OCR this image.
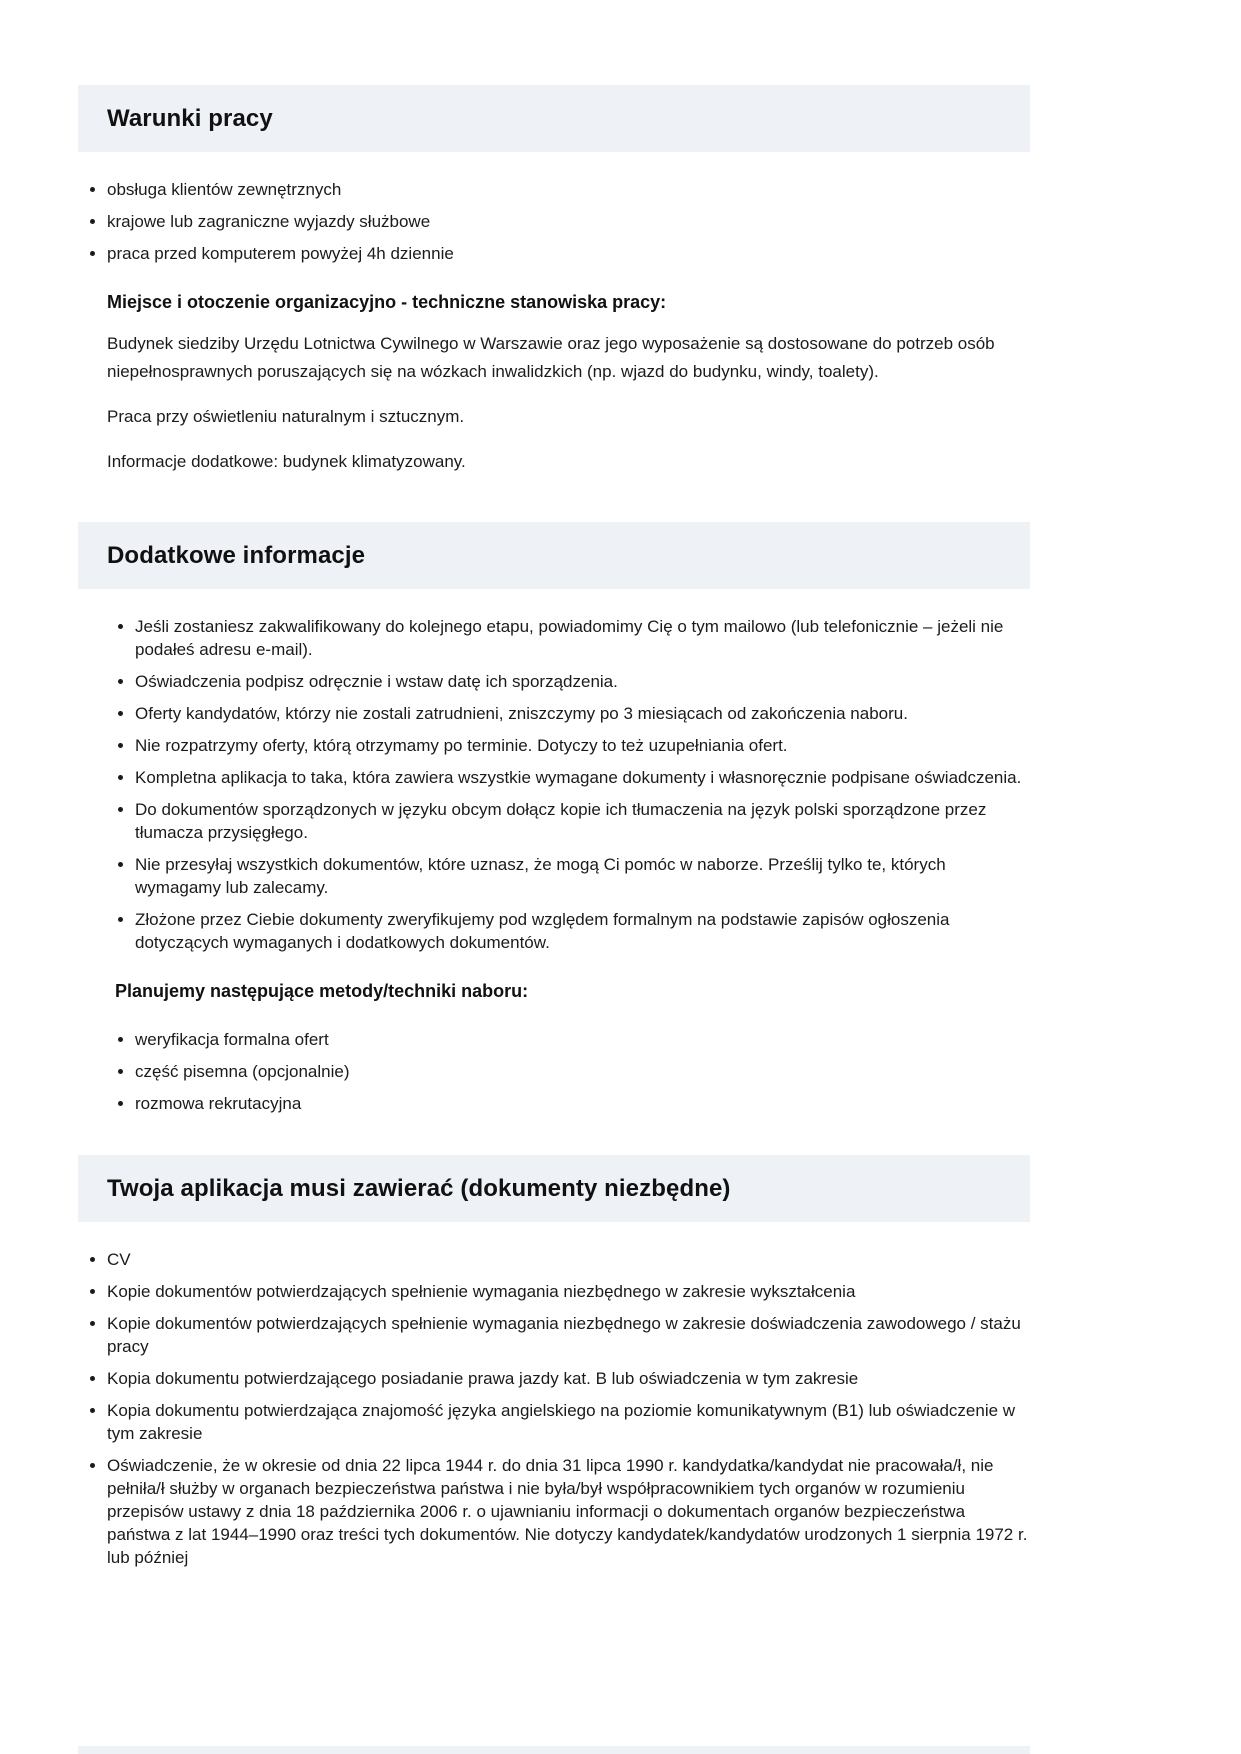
Warunki pracy
• obsługa klientów zewnętrznych
• krajowe lub zagraniczne wyjazdy służbowe
• praca przed komputerem powyżej 4h dziennie
Miejsce i otoczenie organizacyjno - techniczne stanowiska pracy:

Budynek siedziby Urzędu Lotnictwa Cywilnego w Warszawie oraz jego wyposażenie są dostosowane do potrzeb osób niepełnosprawnych poruszających się na wózkach inwalidzkich (np. wjazd do budynku, windy, toalety).

Praca przy oświetleniu naturalnym i sztucznym.

Informacje dodatkowe: budynek klimatyzowany.

Dodatkowe informacje
• Jeśli zostaniesz zakwalifikowany do kolejnego etapu, powiadomimy Cię o tym mailowo (lub telefonicznie – jeżeli nie podałeś adresu e-mail).
• Oświadczenia podpisz odręcznie i wstaw datę ich sporządzenia.
• Oferty kandydatów, którzy nie zostali zatrudnieni, zniszczymy po 3 miesiącach od zakończenia naboru.
• Nie rozpatrzymy oferty, którą otrzymamy po terminie. Dotyczy to też uzupełniania ofert.
• Kompletna aplikacja to taka, która zawiera wszystkie wymagane dokumenty i własnoręcznie podpisane oświadczenia.
• Do dokumentów sporządzonych w języku obcym dołącz kopie ich tłumaczenia na język polski sporządzone przez tłumacza przysięgłego.
• Nie przesyłaj wszystkich dokumentów, które uznasz, że mogą Ci pomóc w naborze. Prześlij tylko te, których wymagamy lub zalecamy.
• Złożone przez Ciebie dokumenty zweryfikujemy pod względem formalnym na podstawie zapisów ogłoszenia dotyczących wymaganych i dodatkowych dokumentów.
Planujemy następujące metody/techniki naboru:
• weryfikacja formalna ofert
• część pisemna (opcjonalnie)
• rozmowa rekrutacyjna
Twoja aplikacja musi zawierać (dokumenty niezbędne)
• CV
• Kopie dokumentów potwierdzających spełnienie wymagania niezbędnego w zakresie wykształcenia
• Kopie dokumentów potwierdzających spełnienie wymagania niezbędnego w zakresie doświadczenia zawodowego / stażu pracy
• Kopia dokumentu potwierdzającego posiadanie prawa jazdy kat. B lub oświadczenia w tym zakresie
• Kopia dokumentu potwierdzająca znajomość języka angielskiego na poziomie komunikatywnym (B1) lub oświadczenie w tym zakresie
• Oświadczenie, że w okresie od dnia 22 lipca 1944 r. do dnia 31 lipca 1990 r. kandydatka/kandydat nie pracowała/ł, nie pełniła/ł służby w organach bezpieczeństwa państwa i nie była/był współpracownikiem tych organów w rozumieniu przepisów ustawy z dnia 18 października 2006 r. o ujawnianiu informacji o dokumentach organów bezpieczeństwa państwa z lat 1944–1990 oraz treści tych dokumentów. Nie dotyczy kandydatek/kandydatów urodzonych 1 sierpnia 1972 r. lub później
